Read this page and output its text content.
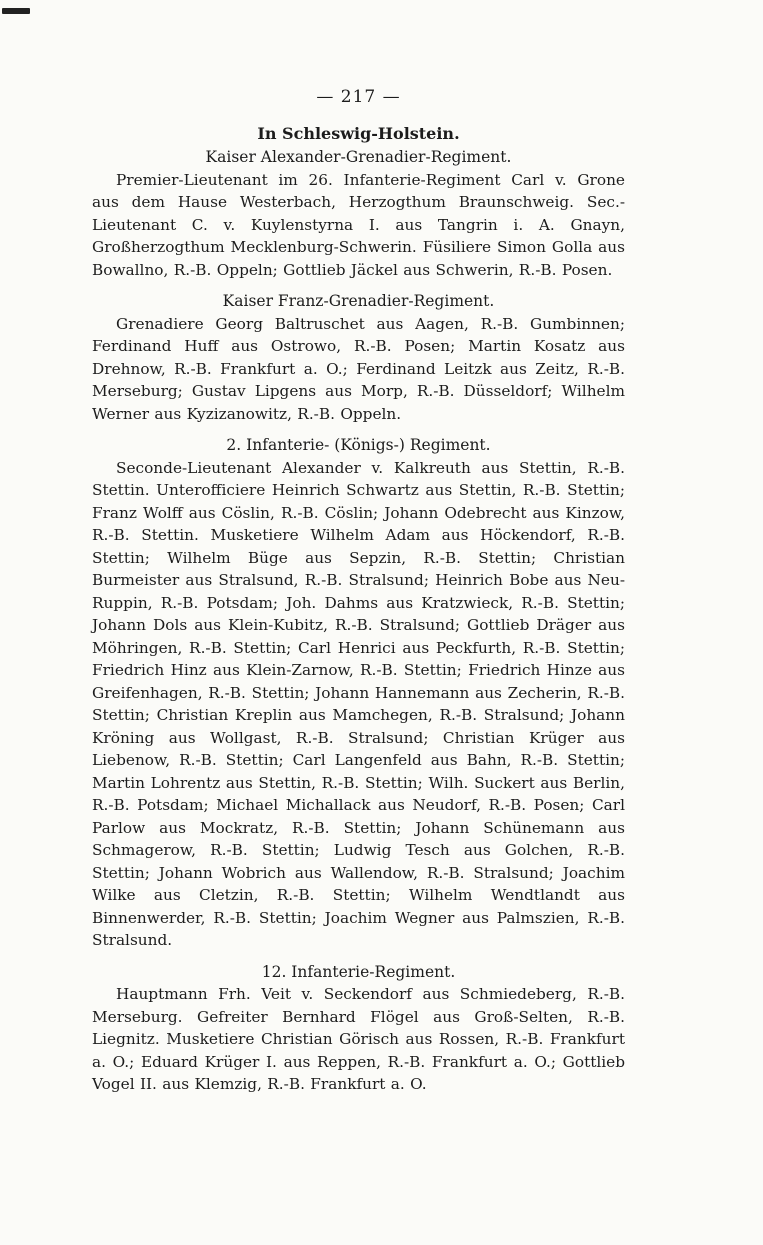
— 217 —
In Schleswig-Holstein.
Kaiser Alexander-Grenadier-Regiment.

Premier-Lieutenant im 26. Infanterie-Regiment Carl v. Grone aus dem Hause Westerbach, Herzogthum Braunschweig. Sec.-Lieutenant C. v. Kuylenstyrna I. aus Tangrin i. A. Gnayn, Großherzogthum Mecklenburg-Schwerin. Füsiliere Simon Golla aus Bowallno, R.-B. Oppeln; Gottlieb Jäckel aus Schwerin, R.-B. Posen.

Kaiser Franz-Grenadier-Regiment.

Grenadiere Georg Baltruschet aus Aagen, R.-B. Gumbinnen; Ferdinand Huff aus Ostrowo, R.-B. Posen; Martin Kosatz aus Drehnow, R.-B. Frankfurt a. O.; Ferdinand Leitzk aus Zeitz, R.-B. Merseburg; Gustav Lipgens aus Morp, R.-B. Düsseldorf; Wilhelm Werner aus Kyzizanowitz, R.-B. Oppeln.

2. Infanterie- (Königs-) Regiment.

Seconde-Lieutenant Alexander v. Kalkreuth aus Stettin, R.-B. Stettin. Unterofficiere Heinrich Schwartz aus Stettin, R.-B. Stettin; Franz Wolff aus Cöslin, R.-B. Cöslin; Johann Odebrecht aus Kinzow, R.-B. Stettin. Musketiere Wilhelm Adam aus Höckendorf, R.-B. Stettin; Wilhelm Büge aus Sepzin, R.-B. Stettin; Christian Burmeister aus Stralsund, R.-B. Stralsund; Heinrich Bobe aus Neu-Ruppin, R.-B. Potsdam; Joh. Dahms aus Kratzwieck, R.-B. Stettin; Johann Dols aus Klein-Kubitz, R.-B. Stralsund; Gottlieb Dräger aus Möhringen, R.-B. Stettin; Carl Henrici aus Peckfurth, R.-B. Stettin; Friedrich Hinz aus Klein-Zarnow, R.-B. Stettin; Friedrich Hinze aus Greifenhagen, R.-B. Stettin; Johann Hannemann aus Zecherin, R.-B. Stettin; Christian Kreplin aus Mamchegen, R.-B. Stralsund; Johann Kröning aus Wollgast, R.-B. Stralsund; Christian Krüger aus Liebenow, R.-B. Stettin; Carl Langenfeld aus Bahn, R.-B. Stettin; Martin Lohrentz aus Stettin, R.-B. Stettin; Wilh. Suckert aus Berlin, R.-B. Potsdam; Michael Michallack aus Neudorf, R.-B. Posen; Carl Parlow aus Mockratz, R.-B. Stettin; Johann Schünemann aus Schmagerow, R.-B. Stettin; Ludwig Tesch aus Golchen, R.-B. Stettin; Johann Wobrich aus Wallendow, R.-B. Stralsund; Joachim Wilke aus Cletzin, R.-B. Stettin; Wilhelm Wendtlandt aus Binnenwerder, R.-B. Stettin; Joachim Wegner aus Palmszien, R.-B. Stralsund.

12. Infanterie-Regiment.

Hauptmann Frh. Veit v. Seckendorf aus Schmiedeberg, R.-B. Merseburg. Gefreiter Bernhard Flögel aus Groß-Selten, R.-B. Liegnitz. Musketiere Christian Görisch aus Rossen, R.-B. Frankfurt a. O.; Eduard Krüger I. aus Reppen, R.-B. Frankfurt a. O.; Gottlieb Vogel II. aus Klemzig, R.-B. Frankfurt a. O.
